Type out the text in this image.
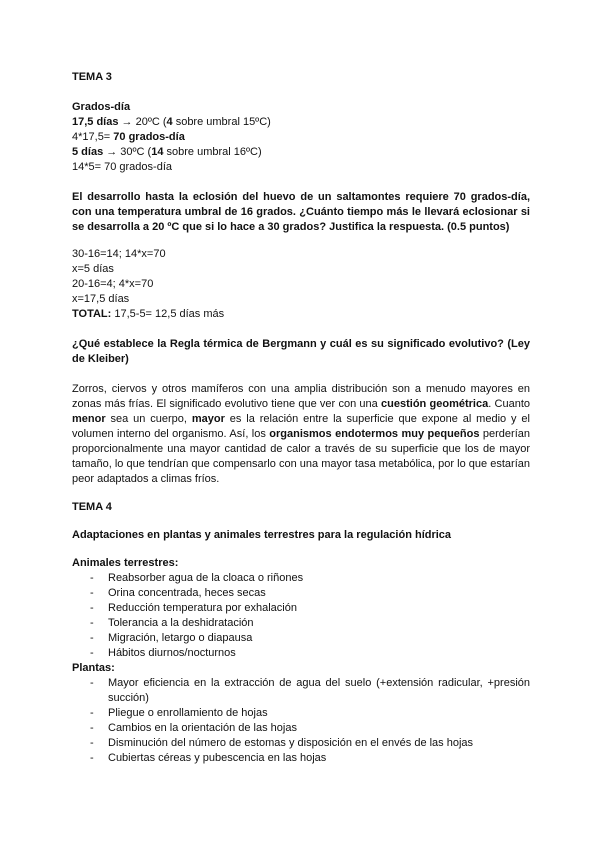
TEMA 3
Grados-día
17,5 días → 20ºC (4 sobre umbral 15ºC)
4*17,5= 70 grados-día
5 días → 30ºC (14 sobre umbral 16ºC)
14*5= 70 grados-día
El desarrollo hasta la eclosión del huevo de un saltamontes requiere 70 grados-día, con una temperatura umbral de 16 grados. ¿Cuánto tiempo más le llevará eclosionar si se desarrolla a 20 ºC que si lo hace a 30 grados? Justifica la respuesta. (0.5 puntos)
30-16=14; 14*x=70
x=5 días
20-16=4; 4*x=70
x=17,5 días
TOTAL: 17,5-5= 12,5 días más
¿Qué establece la Regla térmica de Bergmann y cuál es su significado evolutivo? (Ley de Kleiber)
Zorros, ciervos y otros mamíferos con una amplia distribución son a menudo mayores en zonas más frías. El significado evolutivo tiene que ver con una cuestión geométrica. Cuanto menor sea un cuerpo, mayor es la relación entre la superficie que expone al medio y el volumen interno del organismo. Así, los organismos endotermos muy pequeños perderían proporcionalmente una mayor cantidad de calor a través de su superficie que los de mayor tamaño, lo que tendrían que compensarlo con una mayor tasa metabólica, por lo que estarían peor adaptados a climas fríos.
TEMA 4
Adaptaciones en plantas y animales terrestres para la regulación hídrica
Animales terrestres:
- Reabsorber agua de la cloaca o riñones
- Orina concentrada, heces secas
- Reducción temperatura por exhalación
- Tolerancia a la deshidratación
- Migración, letargo o diapausa
- Hábitos diurnos/nocturnos
Plantas:
- Mayor eficiencia en la extracción de agua del suelo (+extensión radicular, +presión succión)
- Pliegue o enrollamiento de hojas
- Cambios en la orientación de las hojas
- Disminución del número de estomas y disposición en el envés de las hojas
- Cubiertas céreas y pubescencia en las hojas
